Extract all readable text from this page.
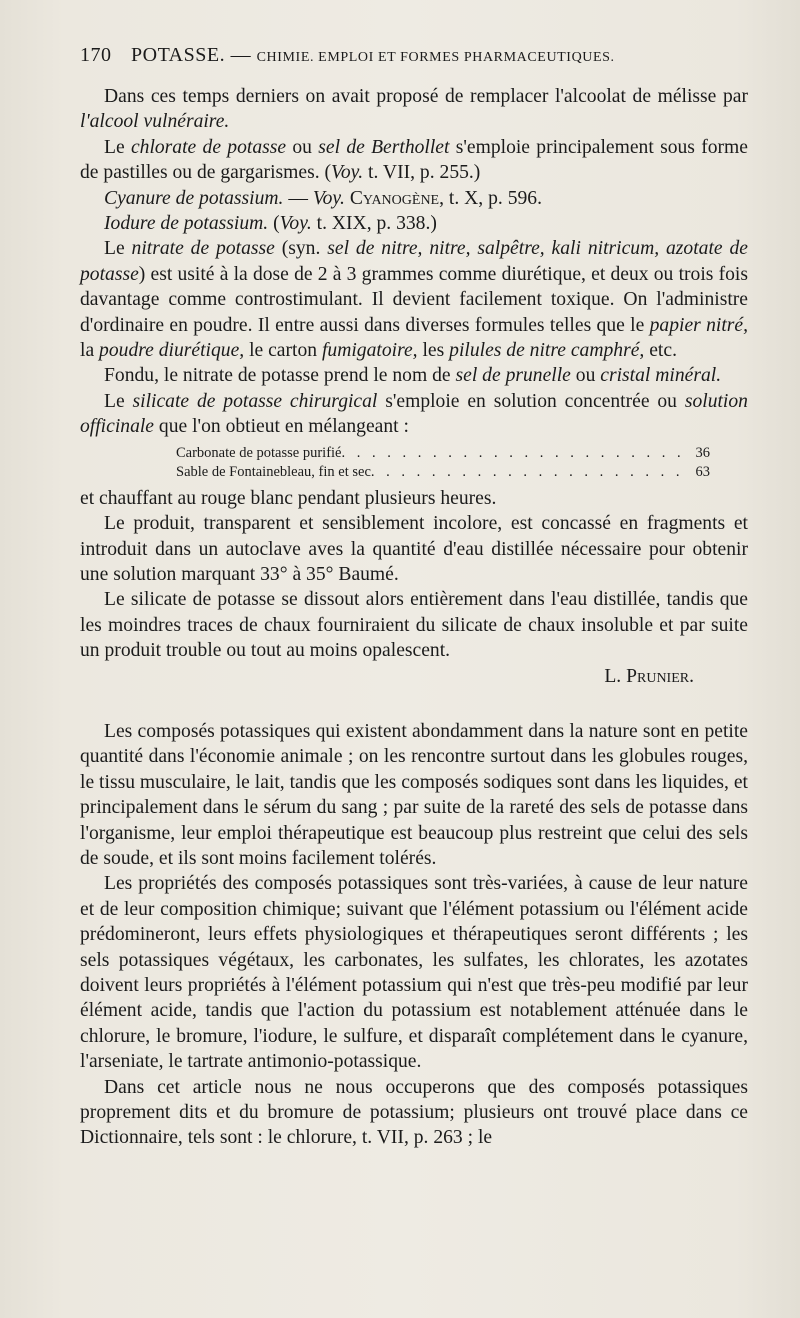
170 POTASSE. — CHIMIE. EMPLOI ET FORMES PHARMACEUTIQUES.

Dans ces temps derniers on avait proposé de remplacer l'alcoolat de mélisse par l'alcool vulnéraire.

Le chlorate de potasse ou sel de Berthollet s'emploie principalement sous forme de pastilles ou de gargarismes. (Voy. t. VII, p. 255.)

Cyanure de potassium. — Voy. Cyanogène, t. X, p. 596.

Iodure de potassium. (Voy. t. XIX, p. 338.)

Le nitrate de potasse (syn. sel de nitre, nitre, salpêtre, kali nitricum, azotate de potasse) est usité à la dose de 2 à 3 grammes comme diurétique, et deux ou trois fois davantage comme controstimulant. Il devient facilement toxique. On l'administre d'ordinaire en poudre. Il entre aussi dans diverses formules telles que le papier nitré, la poudre diurétique, le carton fumigatoire, les pilules de nitre camphré, etc.

Fondu, le nitrate de potasse prend le nom de sel de prunelle ou cristal minéral.

Le silicate de potasse chirurgical s'emploie en solution concentrée ou solution officinale que l'on obtieut en mélangeant :

Carbonate de potasse purifié . . .	36
Sable de Fontainebleau, fin et sec . . .	63

et chauffant au rouge blanc pendant plusieurs heures.

Le produit, transparent et sensiblement incolore, est concassé en fragments et introduit dans un autoclave aves la quantité d'eau distillée nécessaire pour obtenir une solution marquant 33° à 35° Baumé.

Le silicate de potasse se dissout alors entièrement dans l'eau distillée, tandis que les moindres traces de chaux fourniraient du silicate de chaux insoluble et par suite un produit trouble ou tout au moins opalescent.

L. Prunier.

Les composés potassiques qui existent abondamment dans la nature sont en petite quantité dans l'économie animale ; on les rencontre surtout dans les globules rouges, le tissu musculaire, le lait, tandis que les composés sodiques sont dans les liquides, et principalement dans le sérum du sang ; par suite de la rareté des sels de potasse dans l'organisme, leur emploi thérapeutique est beaucoup plus restreint que celui des sels de soude, et ils sont moins facilement tolérés.

Les propriétés des composés potassiques sont très-variées, à cause de leur nature et de leur composition chimique; suivant que l'élément potassium ou l'élément acide prédomineront, leurs effets physiologiques et thérapeutiques seront différents ; les sels potassiques végétaux, les carbonates, les sulfates, les chlorates, les azotates doivent leurs propriétés à l'élément potassium qui n'est que très-peu modifié par leur élément acide, tandis que l'action du potassium est notablement atténuée dans le chlorure, le bromure, l'iodure, le sulfure, et disparaît complétement dans le cyanure, l'arseniate, le tartrate antimonio-potassique.

Dans cet article nous ne nous occuperons que des composés potassiques proprement dits et du bromure de potassium; plusieurs ont trouvé place dans ce Dictionnaire, tels sont : le chlorure, t. VII, p. 263 ; le
